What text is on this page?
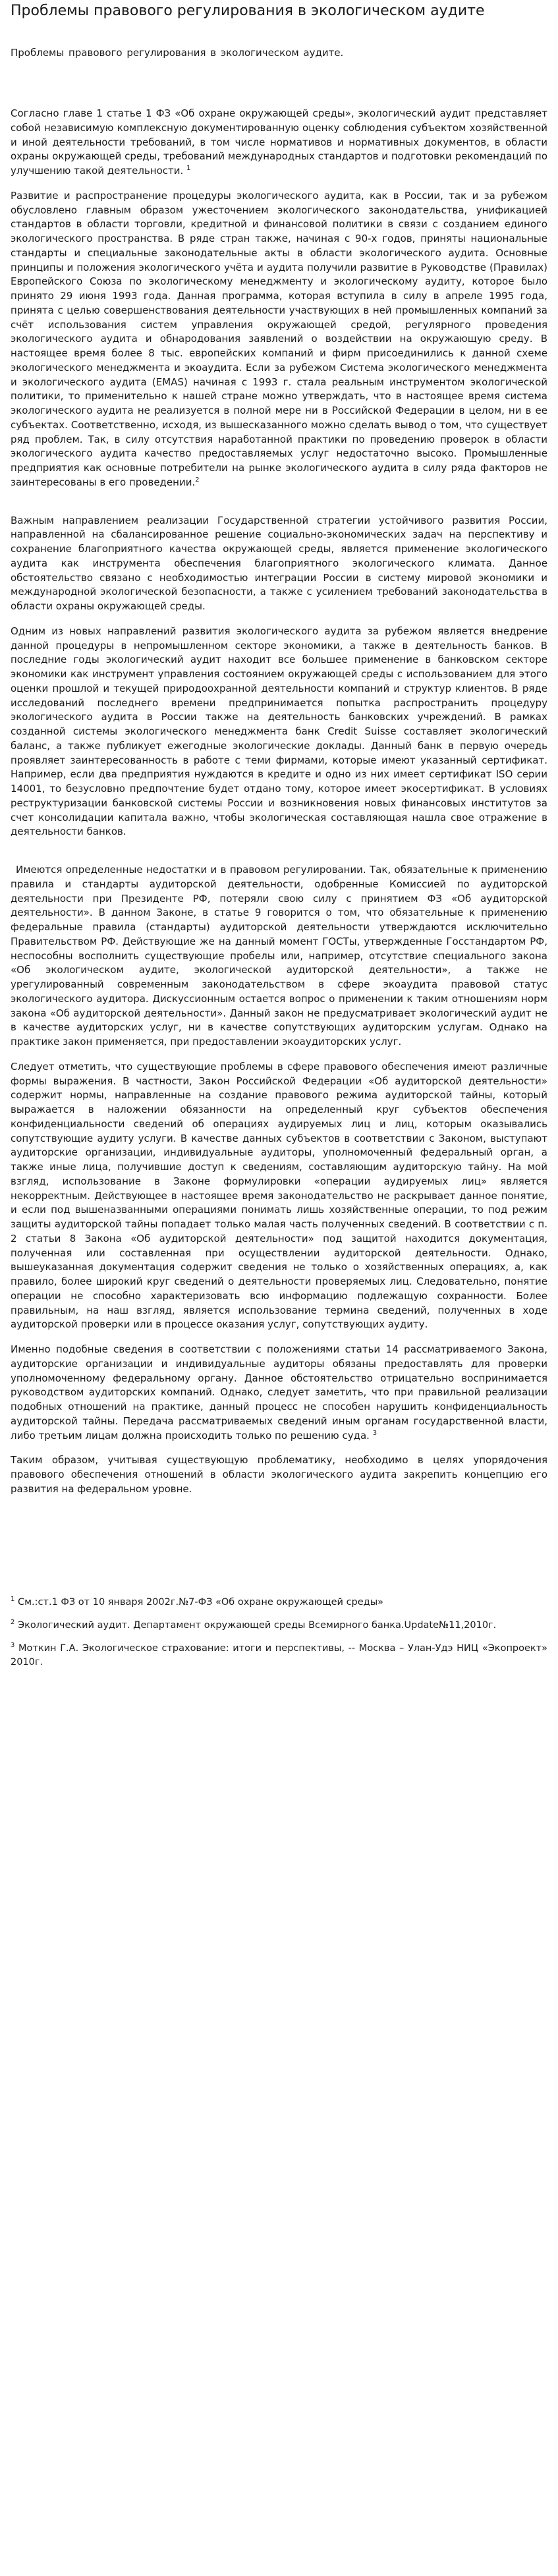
Проблемы правового регулирования в экологическом аудите
Проблемы правового регулирования в экологическом аудите.

Согласно главе 1 статье 1 ФЗ «Об охране окружающей среды», экологический аудит представляет собой независимую комплексную документированную оценку соблюдения субъектом хозяйственной и иной деятельности требований, в том числе нормативов и нормативных документов, в области охраны окружающей среды, требований международных стандартов и подготовки рекомендаций по улучшению такой деятельности. $^1$

Развитие и распространение процедуры экологического аудита, как в России, так и за рубежом обусловлено главным образом ужесточением экологического законодательства, унификацией стандартов в области торговли, кредитной и финансовой политики в связи с созданием единого экологического пространства. В ряде стран также, начиная с 90-х годов, приняты национальные стандарты и специальные законодательные акты в области экологического аудита. Основные принципы и положения экологического учёта и аудита получили развитие в Руководстве (Правилах) Европейского Союза по экологическому менеджменту и экологическому аудиту, которое было принято 29 июня 1993 года. Данная программа, которая вступила в силу в апреле 1995 года, принята с целью совершенствования деятельности участвующих в ней промышленных компаний за счёт использования систем управления окружающей средой, регулярного проведения экологического аудита и обнародования заявлений о воздействии на окружающую среду. В настоящее время более 8 тыс. европейских компаний и фирм присоединились к данной схеме экологического менеджмента и экоаудита. Если за рубежом Система экологического менеджмента и экологического аудита (EMAS) начиная с 1993 г. стала реальным инструментом экологической политики, то применительно к нашей стране можно утверждать, что в настоящее время система экологического аудита не реализуется в полной мере ни в Российской Федерации в целом, ни в ее субъектах. Соответственно, исходя, из вышесказанного можно сделать вывод о том, что существует ряд проблем. Так, в силу отсутствия наработанной практики по проведению проверок в области экологического аудита качество предоставляемых услуг недостаточно высоко. Промышленные предприятия как основные потребители на рынке экологического аудита в силу ряда факторов не заинтересованы в его проведении.$^2$

Важным направлением реализации Государственной стратегии устойчивого развития России, направленной на сбалансированное решение социально-экономических задач на перспективу и сохранение благоприятного качества окружающей среды, является применение экологического аудита как инструмента обеспечения благоприятного экологического климата. Данное обстоятельство связано с необходимостью интеграции России в систему мировой экономики и международной экологической безопасности, а также с усилением требований законодательства в области охраны окружающей среды.

Одним из новых направлений развития экологического аудита за рубежом является внедрение данной процедуры в непромышленном секторе экономики, а также в деятельность банков. В последние годы экологический аудит находит все большее применение в банковском секторе экономики как инструмент управления состоянием окружающей среды с использованием для этого оценки прошлой и текущей природоохранной деятельности компаний и структур клиентов. В ряде исследований последнего времени предпринимается попытка распространить процедуру экологического аудита в России также на деятельность банковских учреждений. В рамках созданной системы экологического менеджмента банк Credit Suisse составляет экологический баланс, а также публикует ежегодные экологические доклады. Данный банк в первую очередь проявляет заинтересованность в работе с теми фирмами, которые имеют указанный сертификат. Например, если два предприятия нуждаются в кредите и одно из них имеет сертификат ISO серии 14001, то безусловно предпочтение будет отдано тому, которое имеет экосертификат. В условиях реструктуризации банковской системы России и возникновения новых финансовых институтов за счет консолидации капитала важно, чтобы экологическая составляющая нашла свое отражение в деятельности банков.

Имеются определенные недостатки и в правовом регулировании. Так, обязательные к применению правила и стандарты аудиторской деятельности, одобренные Комиссией по аудиторской деятельности при Президенте РФ, потеряли свою силу с принятием ФЗ «Об аудиторской деятельности». В данном Законе, в статье 9 говорится о том, что обязательные к применению федеральные правила (стандарты) аудиторской деятельности утверждаются исключительно Правительством РФ. Действующие же на данный момент ГОСТы, утвержденные Госстандартом РФ, неспособны восполнить существующие пробелы или, например, отсутствие специального закона «Об экологическом аудите, экологической аудиторской деятельности», а также не урегулированный современным законодательством в сфере экоаудита правовой статус экологического аудитора. Дискуссионным остается вопрос о применении к таким отношениям норм закона «Об аудиторской деятельности». Данный закон не предусматривает экологический аудит не в качестве аудиторских услуг, ни в качестве сопутствующих аудиторским услугам. Однако на практике закон применяется, при предоставлении экоаудиторских услуг.

Следует отметить, что существующие проблемы в сфере правового обеспечения имеют различные формы выражения. В частности, Закон Российской Федерации «Об аудиторской деятельности» содержит нормы, направленные на создание правового режима аудиторской тайны, который выражается в наложении обязанности на определенный круг субъектов обеспечения конфиденциальности сведений об операциях аудируемых лиц и лиц, которым оказывались сопутствующие аудиту услуги. В качестве данных субъектов в соответствии с Законом, выступают аудиторские организации, индивидуальные аудиторы, уполномоченный федеральный орган, а также иные лица, получившие доступ к сведениям, составляющим аудиторскую тайну. На мой взгляд, использование в Законе формулировки «операции аудируемых лиц» является некорректным. Действующее в настоящее время законодательство не раскрывает данное понятие, и если под вышеназванными операциями понимать лишь хозяйственные операции, то под режим защиты аудиторской тайны попадает только малая часть полученных сведений. В соответствии с п. 2 статьи 8 Закона «Об аудиторской деятельности» под защитой находится документация, полученная или составленная при осуществлении аудиторской деятельности. Однако, вышеуказанная документация содержит сведения не только о хозяйственных операциях, а, как правило, более широкий круг сведений о деятельности проверяемых лиц. Следовательно, понятие операции не способно характеризовать всю информацию подлежащую сохранности. Более правильным, на наш взгляд, является использование термина сведений, полученных в ходе аудиторской проверки или в процессе оказания услуг, сопутствующих аудиту.

Именно подобные сведения в соответствии с положениями статьи 14 рассматриваемого Закона, аудиторские организации и индивидуальные аудиторы обязаны предоставлять для проверки уполномоченному федеральному органу. Данное обстоятельство отрицательно воспринимается руководством аудиторских компаний. Однако, следует заметить, что при правильной реализации подобных отношений на практике, данный процесс не способен нарушить конфиденциальность аудиторской тайны. Передача рассматриваемых сведений иным органам государственной власти, либо третьим лицам должна происходить только по решению суда. $^3$

Таким образом, учитывая существующую проблематику, необходимо в целях упорядочения правового обеспечения отношений в области экологического аудита закрепить концепцию его развития на федеральном уровне.

$^1$ См.:ст.1 ФЗ от 10 января 2002г.№7-ФЗ «Об охране окружающей среды»

$^2$ Экологический аудит. Департамент окружающей среды Всемирного банка.Update№11,2010г.

$^3$ Моткин Г.А. Экологическое страхование: итоги и перспективы, -- Москва – Улан-Удэ НИЦ «Экопроект» 2010г.
